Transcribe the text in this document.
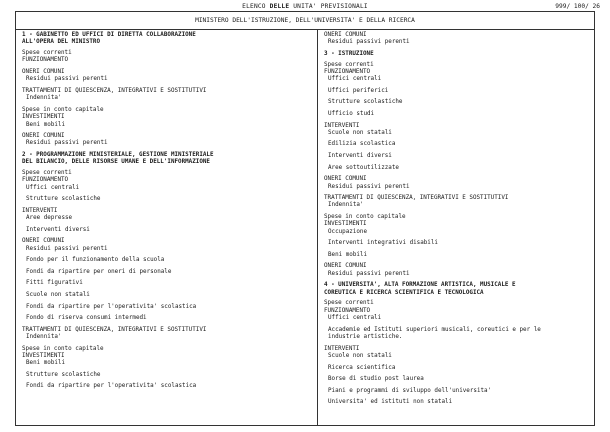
ELENCO DELLE UNITA' PREVISIONALI	999/ 100/ 26
MINISTERO DELL'ISTRUZIONE, DELL'UNIVERSITA' E DELLA RICERCA
1 - GABINETTO ED UFFICI DI DIRETTA COLLABORAZIONE
ALL'OPERA DEL MINISTRO
Spese correnti
FUNZIONAMENTO
ONERI COMUNI
Residui passivi perenti
TRATTAMENTI DI QUIESCENZA, INTEGRATIVI E SOSTITUTIVI
Indennita'
Spese in conto capitale
INVESTIMENTI
Beni mobili
ONERI COMUNI
Residui passivi perenti
2 - PROGRAMMAZIONE MINISTERIALE, GESTIONE MINISTERIALE
DEL BILANCIO, DELLE RISORSE UMANE E DELL'INFORMAZIONE
Spese correnti
FUNZIONAMENTO
Uffici centrali
Strutture scolastiche
INTERVENTI
Aree depresse
Interventi diversi
ONERI COMUNI
Residui passivi perenti
Fondo per il funzionamento della scuola
Fondi da ripartire per oneri di personale
Fitti figurativi
Scuole non statali
Fondi da ripartire per l'operativita' scolastica
Fondo di riserva consumi intermedi
TRATTAMENTI DI QUIESCENZA, INTEGRATIVI E SOSTITUTIVI
Indennita'
Spese in conto capitale
INVESTIMENTI
Beni mobili
Strutture scolastiche
Fondi da ripartire per l'operativita' scolastica
ONERI COMUNI
Residui passivi perenti
3 - ISTRUZIONE
Spese correnti
FUNZIONAMENTO
Uffici centrali
Uffici periferici
Strutture scolastiche
Ufficio studi
INTERVENTI
Scuole non statali
Edilizia scolastica
Interventi diversi
Aree sottoutilizzate
ONERI COMUNI
Residui passivi perenti
TRATTAMENTI DI QUIESCENZA, INTEGRATIVI E SOSTITUTIVI
Indennita'
Spese in conto capitale
INVESTIMENTI
Occupazione
Interventi integrativi disabili
Beni mobili
ONERI COMUNI
Residui passivi perenti
4 - UNIVERSITA', ALTA FORMAZIONE ARTISTICA, MUSICALE E
COREUTICA E RICERCA SCIENTIFICA E TECNOLOGICA
Spese correnti
FUNZIONAMENTO
Uffici centrali
Accademie ed Istituti superiori musicali, coreutici e per le
industrie artistiche.
INTERVENTI
Scuole non statali
Ricerca scientifica
Borse di studio post laurea
Piani e programmi di sviluppo dell'universita'
Universita' ed istituti non statali
